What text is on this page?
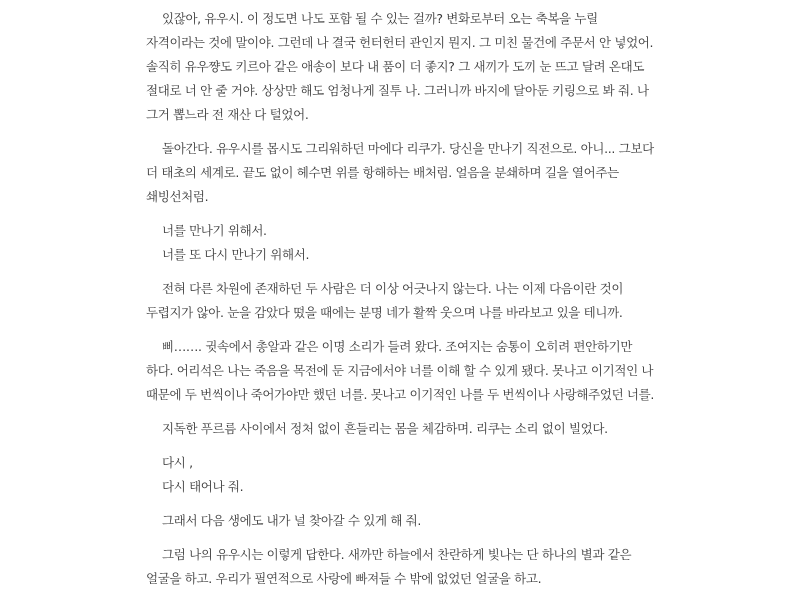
있잖아, 유우시. 이 정도면 나도 포함 될 수 있는 걸까? 변화로부터 오는 축복을 누릴 자격이라는 것에 말이야. 그런데 나 결국 헌터헌터 관인지 뭔지. 그 미친 물건에 주문서 안 넣었어. 솔직히 유우쨩도 키르아 같은 애송이 보다 내 품이 더 좋지? 그 새끼가 도끼 눈 뜨고 달려 온대도 절대로 너 안 줄 거야. 상상만 해도 엄청나게 질투 나. 그러니까 바지에 달아둔 키링으로 봐 줘. 나 그거 뽑느라 전 재산 다 털었어.

돌아간다. 유우시를 몹시도 그리워하던 마에다 리쿠가. 당신을 만나기 직전으로. 아니... 그보다 더 태초의 세계로. 끝도 없이 헤수면 위를 항해하는 배처럼. 얼음을 분쇄하며 길을 열어주는 쇄빙선처럼.

너를 만나기 위해서.
너를 또 다시 만나기 위해서.

전혀 다른 차원에 존재하던 두 사람은 더 이상 어긋나지 않는다. 나는 이제 다음이란 것이 두렵지가 않아. 눈을 감았다 떴을 때에는 분명 네가 활짝 웃으며 나를 바라보고 있을 테니까.

삐……. 귓속에서 총알과 같은 이명 소리가 들려 왔다. 조여지는 숨통이 오히려 편안하기만 하다. 어리석은 나는 죽음을 목전에 둔 지금에서야 너를 이해 할 수 있게 됐다. 못나고 이기적인 나 때문에 두 번씩이나 죽어가야만 했던 너를. 못나고 이기적인 나를 두 번씩이나 사랑해주었던 너를.

지독한 푸르름 사이에서 정처 없이 흔들리는 몸을 체감하며. 리쿠는 소리 없이 빌었다.

다시 ,
다시 태어나 줘.

그래서 다음 생에도 내가 널 찾아갈 수 있게 해 줘.

그럼 나의 유우시는 이렇게 답한다. 새까만 하늘에서 찬란하게 빛나는 단 하나의 별과 같은 얼굴을 하고. 우리가 필연적으로 사랑에 빠져들 수 밖에 없었던 얼굴을 하고.
